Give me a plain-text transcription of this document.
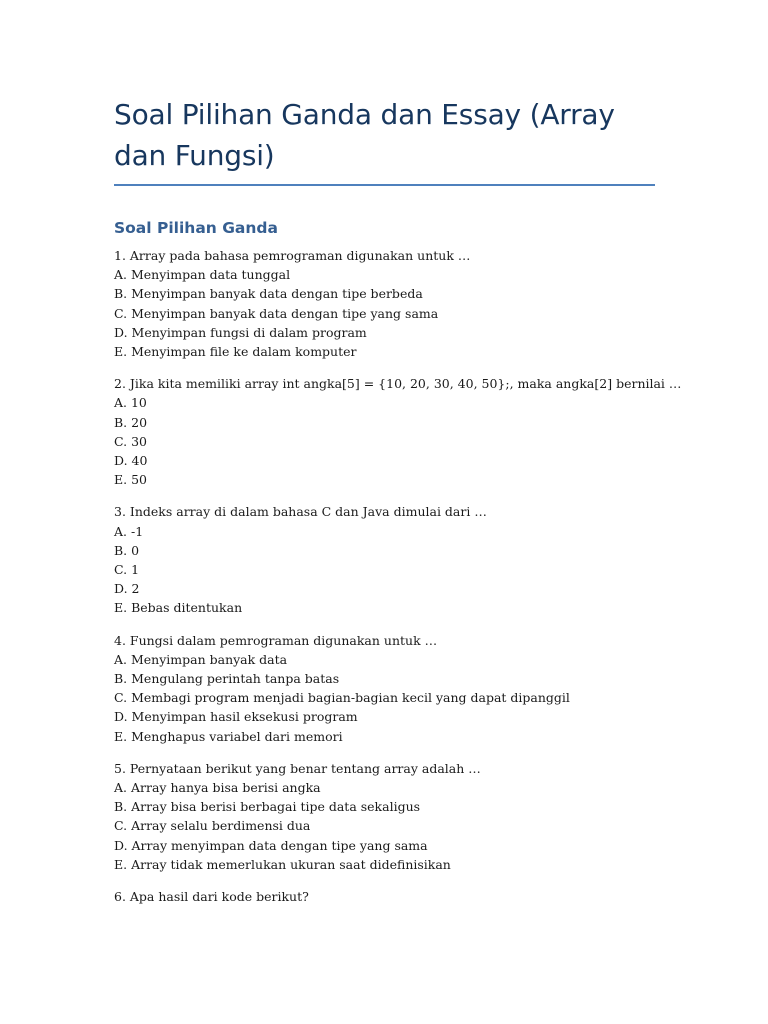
Soal Pilihan Ganda dan Essay (Array dan Fungsi)
Soal Pilihan Ganda
1. Array pada bahasa pemrograman digunakan untuk …
A. Menyimpan data tunggal
B. Menyimpan banyak data dengan tipe berbeda
C. Menyimpan banyak data dengan tipe yang sama
D. Menyimpan fungsi di dalam program
E. Menyimpan file ke dalam komputer
2. Jika kita memiliki array int angka[5] = {10, 20, 30, 40, 50};, maka angka[2] bernilai …
A. 10
B. 20
C. 30
D. 40
E. 50
3. Indeks array di dalam bahasa C dan Java dimulai dari …
A. -1
B. 0
C. 1
D. 2
E. Bebas ditentukan
4. Fungsi dalam pemrograman digunakan untuk …
A. Menyimpan banyak data
B. Mengulang perintah tanpa batas
C. Membagi program menjadi bagian-bagian kecil yang dapat dipanggil
D. Menyimpan hasil eksekusi program
E. Menghapus variabel dari memori
5. Pernyataan berikut yang benar tentang array adalah …
A. Array hanya bisa berisi angka
B. Array bisa berisi berbagai tipe data sekaligus
C. Array selalu berdimensi dua
D. Array menyimpan data dengan tipe yang sama
E. Array tidak memerlukan ukuran saat didefinisikan
6. Apa hasil dari kode berikut?
